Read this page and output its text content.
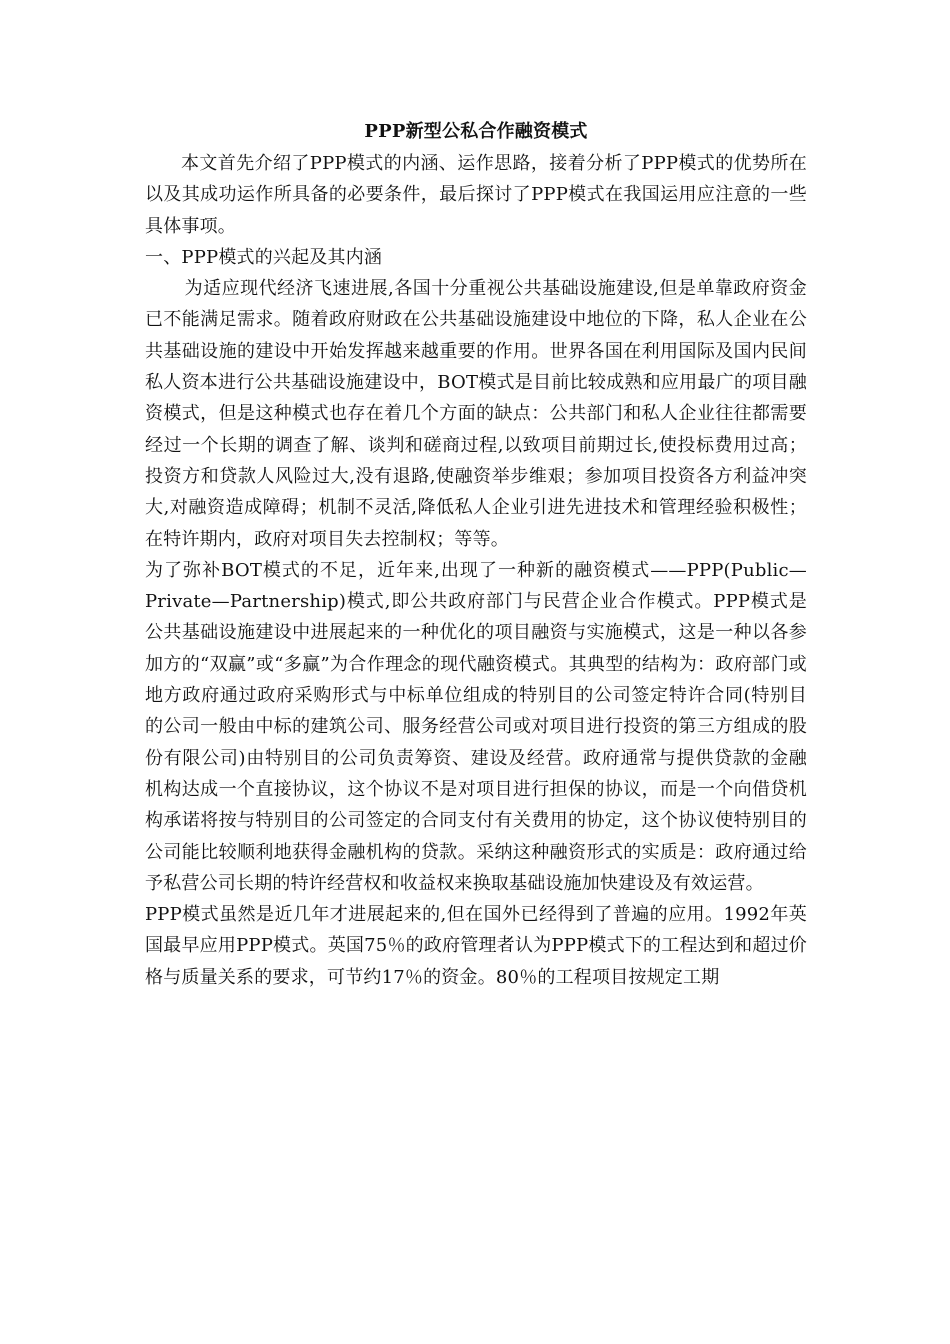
PPP新型公私合作融资模式

本文首先介绍了PPP模式的内涵、运作思路，接着分析了PPP模式的优势所在以及其成功运作所具备的必要条件，最后探讨了PPP模式在我国运用应注意的一些具体事项。

一、PPP模式的兴起及其内涵

为适应现代经济飞速进展,各国十分重视公共基础设施建设,但是单靠政府资金已不能满足需求。随着政府财政在公共基础设施建设中地位的下降，私人企业在公共基础设施的建设中开始发挥越来越重要的作用。世界各国在利用国际及国内民间私人资本进行公共基础设施建设中，BOT模式是目前比较成熟和应用最广的项目融资模式，但是这种模式也存在着几个方面的缺点：公共部门和私人企业往往都需要经过一个长期的调查了解、谈判和磋商过程,以致项目前期过长,使投标费用过高；投资方和贷款人风险过大,没有退路,使融资举步维艰；参加项目投资各方利益冲突大,对融资造成障碍；机制不灵活,降低私人企业引进先进技术和管理经验积极性；在特许期内，政府对项目失去控制权；等等。

为了弥补BOT模式的不足，近年来,出现了一种新的融资模式——PPP(Public—Private—Partnership)模式,即公共政府部门与民营企业合作模式。PPP模式是公共基础设施建设中进展起来的一种优化的项目融资与实施模式，这是一种以各参加方的“双赢”或“多赢”为合作理念的现代融资模式。其典型的结构为：政府部门或地方政府通过政府采购形式与中标单位组成的特别目的公司签定特许合同(特别目的公司一般由中标的建筑公司、服务经营公司或对项目进行投资的第三方组成的股份有限公司)由特别目的公司负责筹资、建设及经营。政府通常与提供贷款的金融机构达成一个直接协议，这个协议不是对项目进行担保的协议，而是一个向借贷机构承诺将按与特别目的公司签定的合同支付有关费用的协定，这个协议使特别目的公司能比较顺利地获得金融机构的贷款。采纳这种融资形式的实质是：政府通过给予私营公司长期的特许经营权和收益权来换取基础设施加快建设及有效运营。

PPP模式虽然是近几年才进展起来的,但在国外已经得到了普遍的应用。1992年英国最早应用PPP模式。英国75％的政府管理者认为PPP模式下的工程达到和超过价格与质量关系的要求，可节约17％的资金。80％的工程项目按规定工期
